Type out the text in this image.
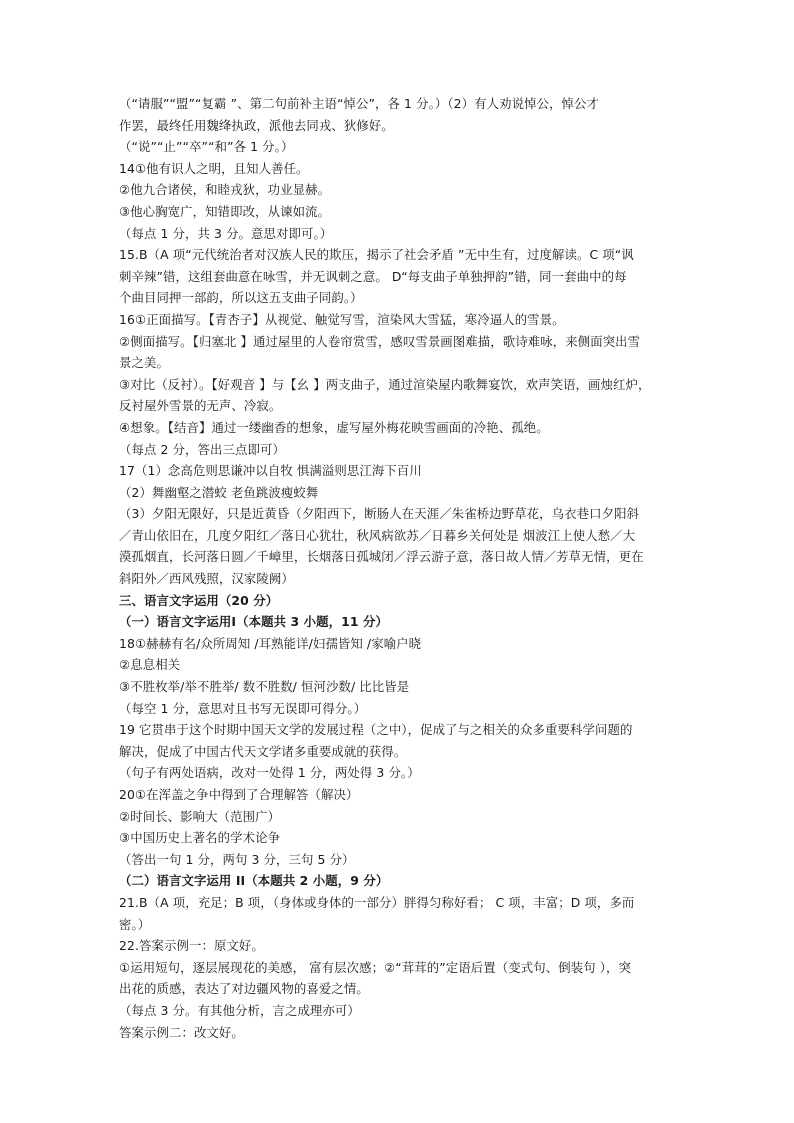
（“请服”“盟”“复霸 ”、第二句前补主语“悼公”，各 1 分。）（2）有人劝说悼公，悼公才
作罢，最终任用魏绛执政，派他去同戎、狄修好。
（“说”“止”“卒”“和”各 1 分。）
14①他有识人之明，且知人善任。
②他九合诸侯，和睦戎狄，功业显赫。
③他心胸宽广，知错即改，从谏如流。
（每点 1 分，共 3 分。意思对即可。）
15.B（A 项“元代统治者对汉族人民的欺压，揭示了社会矛盾 ”无中生有，过度解读。C 项“讽
刺辛辣”错，这组套曲意在咏雪，并无讽刺之意。 D“每支曲子单独押韵”错，同一套曲中的每
个曲目同押一部韵，所以这五支曲子同韵。）
16①正面描写。【青杏子】从视觉、触觉写雪，渲染风大雪猛，寒冷逼人的雪景。
②侧面描写。【归塞北 】通过屋里的人卷帘赏雪，感叹雪景画图难描，歌诗难咏，来侧面突出雪
景之美。
③对比（反衬）。【好观音 】与【幺 】两支曲子，通过渲染屋内歌舞宴饮，欢声笑语，画烛红炉，
反衬屋外雪景的无声、冷寂。
④想象。【结音】通过一缕幽香的想象，虚写屋外梅花映雪画面的冷艳、孤绝。
（每点 2 分，答出三点即可）
17（1）念高危则思谦冲以自牧 惧满溢则思江海下百川
（2）舞幽壑之潜蛟 老鱼跳波瘦蛟舞
（3）夕阳无限好，只是近黄昏（夕阳西下，断肠人在天涯／朱雀桥边野草花，乌衣巷口夕阳斜
／青山依旧在，几度夕阳红／落日心犹壮，秋风病欲苏／日暮乡关何处是 烟波江上使人愁／大
漠孤烟直，长河落日圆／千嶂里，长烟落日孤城闭／浮云游子意，落日故人情／芳草无情，更在
斜阳外／西风残照，汉家陵阙）
三、语言文字运用（20 分）
（一）语言文字运用Ⅰ（本题共 3 小题，11 分）
18①赫赫有名/众所周知 /耳熟能详/妇孺皆知 /家喻户晓
②息息相关
③不胜枚举/举不胜举/ 数不胜数/ 恒河沙数/ 比比皆是
（每空 1 分，意思对且书写无误即可得分。）
19 它贯串于这个时期中国天文学的发展过程（之中），促成了与之相关的众多重要科学问题的
解决，促成了中国古代天文学诸多重要成就的获得。
（句子有两处语病，改对一处得 1 分，两处得 3 分。）
20①在浑盖之争中得到了合理解答（解决）
②时间长、影响大（范围广）
③中国历史上著名的学术论争
（答出一句 1 分，两句 3 分，三句 5 分）
（二）语言文字运用 II（本题共 2 小题，9 分）
21.B（A 项，充足；B 项，（身体或身体的一部分）胖得匀称好看； C 项，丰富；D 项，多而
密。）
22.答案示例一：原文好。
①运用短句，逐层展现花的美感， 富有层次感；②“茸茸的”定语后置（变式句、倒装句 ），突
出花的质感，表达了对边疆风物的喜爱之情。
（每点 3 分。有其他分析，言之成理亦可）
答案示例二：改文好。
